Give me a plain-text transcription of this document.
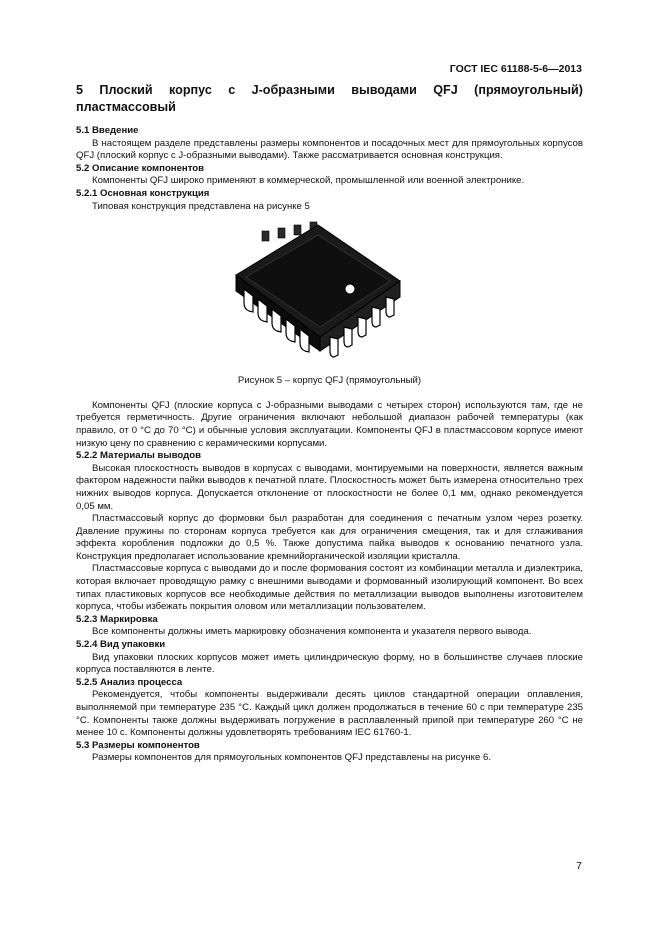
ГОСТ IEC 61188-5-6—2013
5 Плоский корпус с J-образными выводами QFJ (прямоугольный) пластмассовый

5.1 Введение

В настоящем разделе представлены размеры компонентов и посадочных мест для прямоугольных корпусов QFJ (плоский корпус с J-образными выводами). Также рассматривается основная конструкция.

5.2 Описание компонентов

Компоненты QFJ широко применяют в коммерческой, промышленной или военной электронике.

5.2.1 Основная конструкция

Типовая конструкция представлена на рисунке 5

Рисунок 5 – корпус QFJ (прямоугольный)

Компоненты QFJ (плоские корпуса с J-образными выводами с четырех сторон) используются там, где не требуется герметичность. Другие ограничения включают небольшой диапазон рабочей температуры (как правило, от 0 °С до 70 °С) и обычные условия эксплуатации. Компоненты QFJ в пластмассовом корпусе имеют низкую цену по сравнению с керамическими корпусами.

5.2.2 Материалы выводов

Высокая плоскостность выводов в корпусах с выводами, монтируемыми на поверхности, является важным фактором надежности пайки выводов к печатной плате. Плоскостность может быть измерена относительно трех нижних выводов корпуса. Допускается отклонение от плоскостности не более 0,1 мм, однако рекомендуется 0,05 мм.

Пластмассовый корпус до формовки был разработан для соединения с печатным узлом через розетку. Давление пружины по сторонам корпуса требуется как для ограничения смещения, так и для сглаживания эффекта коробления подложки до 0,5 %. Также допустима пайка выводов к основанию печатного узла. Конструкция предполагает использование кремнийорганической изоляции кристалла.

Пластмассовые корпуса с выводами до и после формования состоят из комбинации металла и диэлектрика, которая включает проводящую рамку с внешними выводами и формованный изолирующий компонент. Во всех типах пластиковых корпусов все необходимые действия по металлизации выводов выполнены изготовителем корпуса, чтобы избежать покрытия оловом или металлизации пользователем.

5.2.3 Маркировка

Все компоненты должны иметь маркировку обозначения компонента и указателя первого вывода.

5.2.4 Вид упаковки

Вид упаковки плоских корпусов может иметь цилиндрическую форму, но в большинстве случаев плоские корпуса поставляются в ленте.

5.2.5 Анализ процесса

Рекомендуется, чтобы компоненты выдерживали десять циклов стандартной операции оплавления, выполняемой при температуре 235 °С. Каждый цикл должен продолжаться в течение 60 с при температуре 235 °С. Компоненты также должны выдерживать погружение в расплавленный припой при температуре 260 °С не менее 10 с. Компоненты должны удовлетворять требованиям IEC 61760-1.

5.3 Размеры компонентов

Размеры компонентов для прямоугольных компонентов QFJ представлены на рисунке 6.

7
